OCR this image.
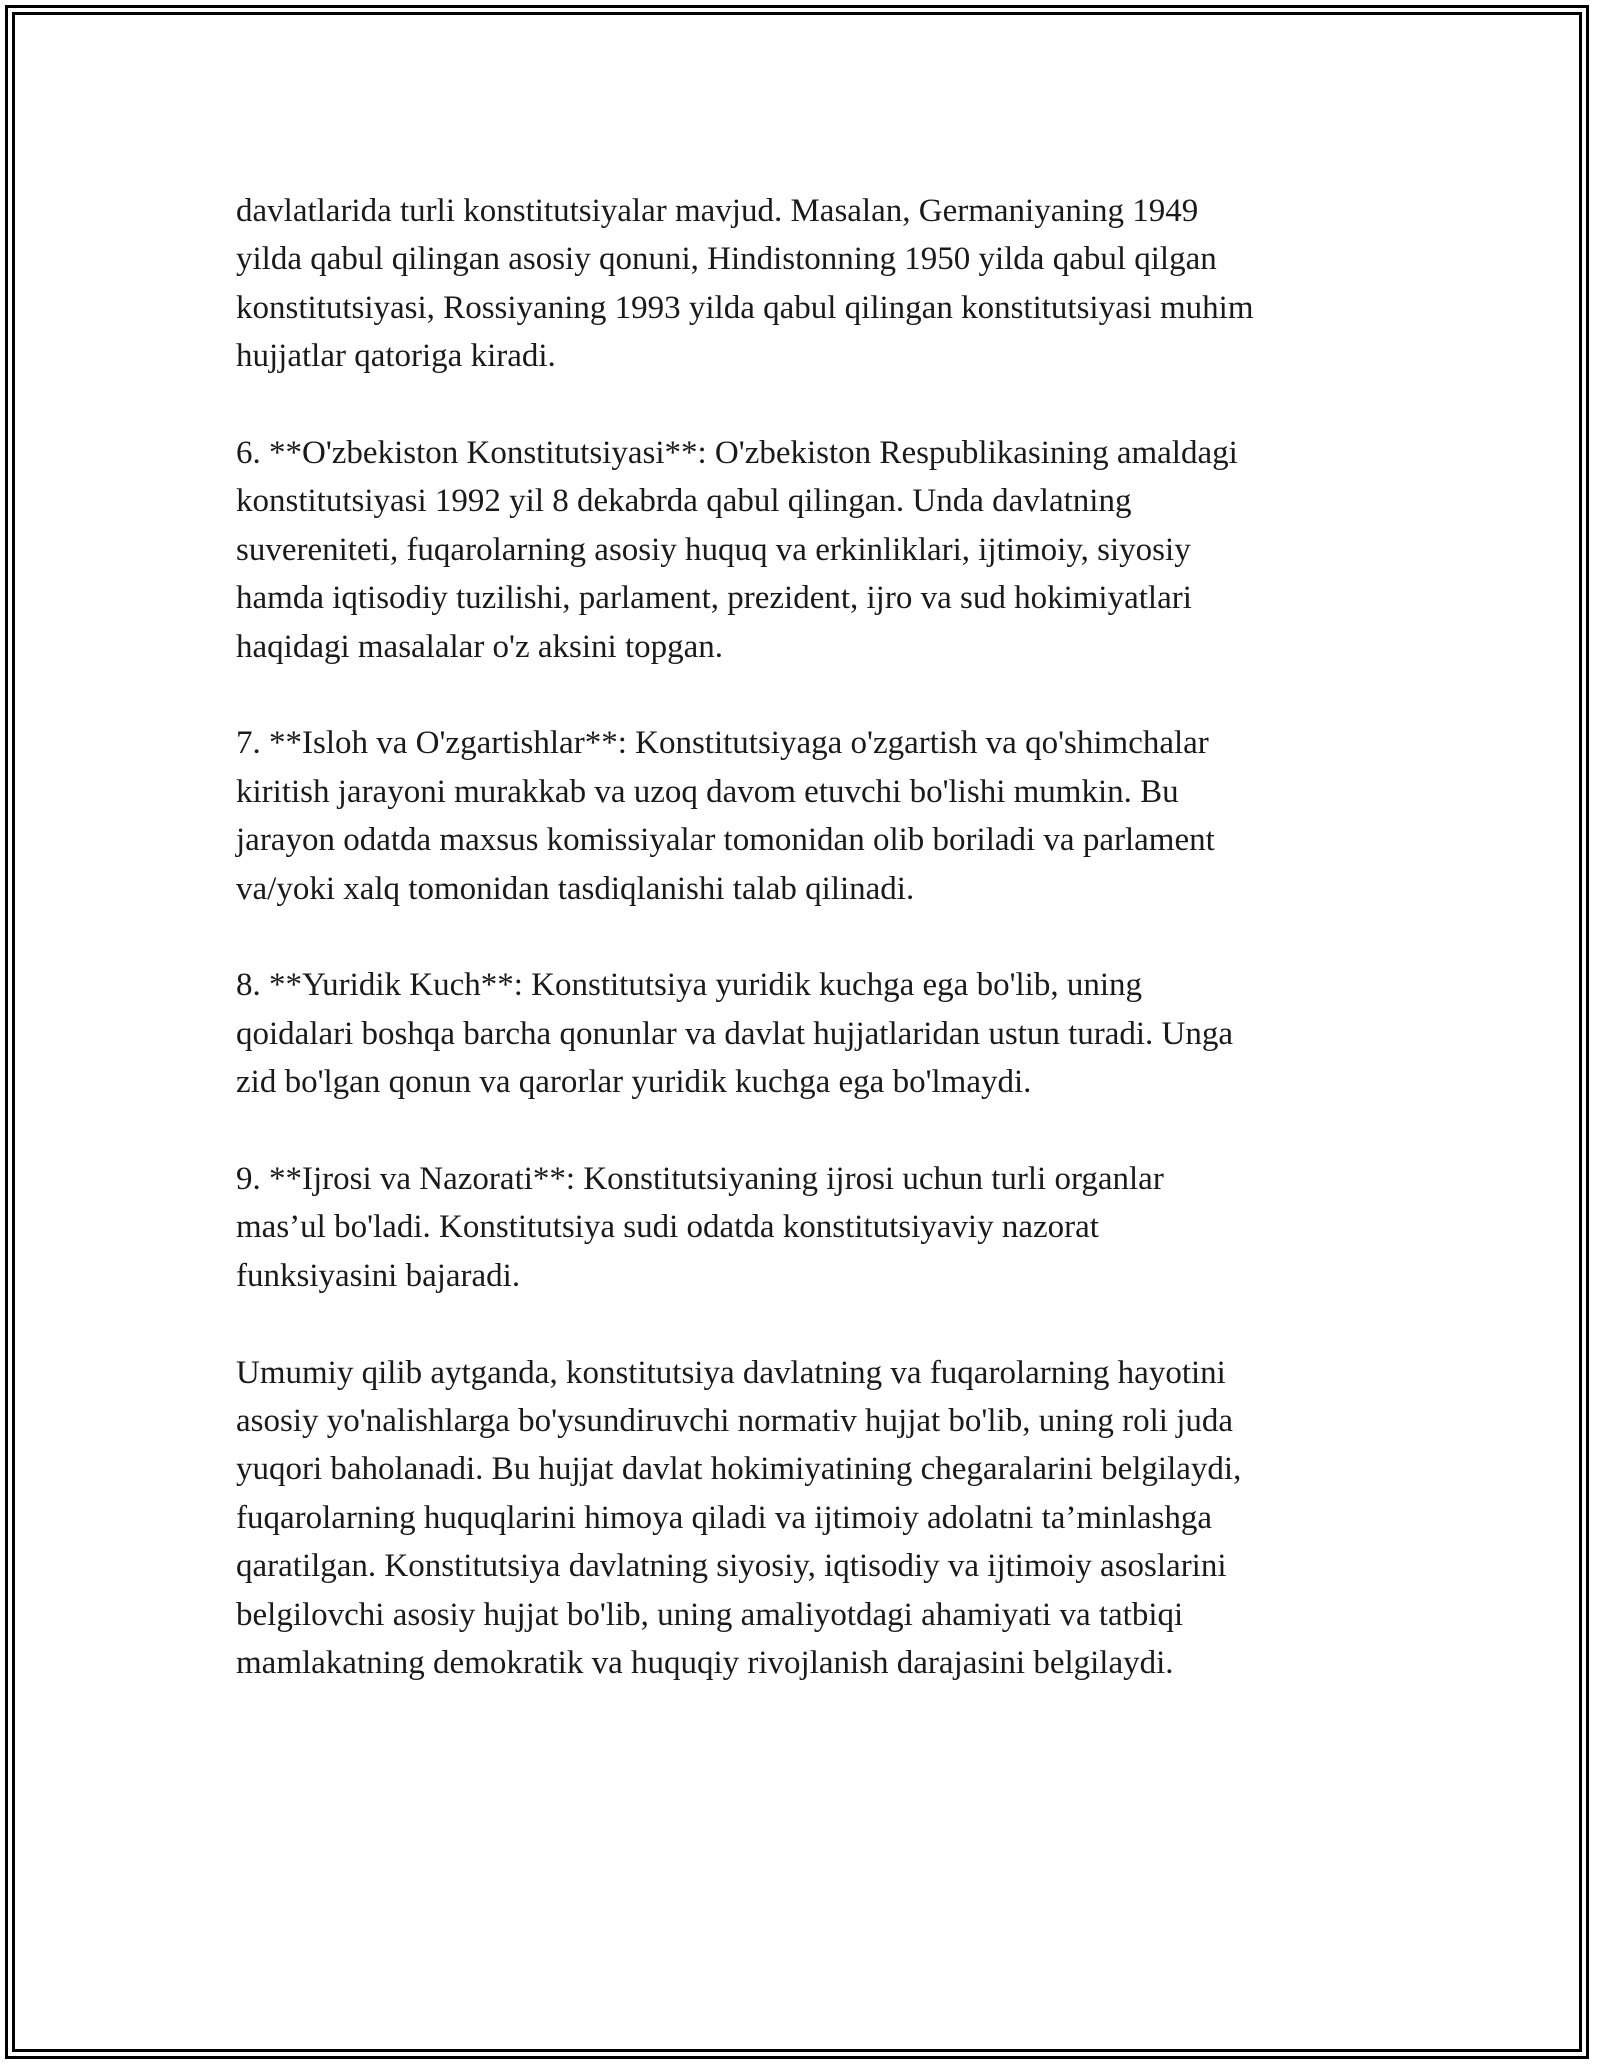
davlatlarida turli konstitutsiyalar mavjud. Masalan, Germaniyaning 1949
yilda qabul qilingan asosiy qonuni, Hindistonning 1950 yilda qabul qilgan
konstitutsiyasi, Rossiyaning 1993 yilda qabul qilingan konstitutsiyasi muhim
hujjatlar qatoriga kiradi.

6. **O'zbekiston Konstitutsiyasi**: O'zbekiston Respublikasining amaldagi
konstitutsiyasi 1992 yil 8 dekabrda qabul qilingan. Unda davlatning
suvereniteti, fuqarolarning asosiy huquq va erkinliklari, ijtimoiy, siyosiy
hamda iqtisodiy tuzilishi, parlament, prezident, ijro va sud hokimiyatlari
haqidagi masalalar o'z aksini topgan.

7. **Isloh va O'zgartishlar**: Konstitutsiyaga o'zgartish va qo'shimchalar
kiritish jarayoni murakkab va uzoq davom etuvchi bo'lishi mumkin. Bu
jarayon odatda maxsus komissiyalar tomonidan olib boriladi va parlament
va/yoki xalq tomonidan tasdiqlanishi talab qilinadi.

8. **Yuridik Kuch**: Konstitutsiya yuridik kuchga ega bo'lib, uning
qoidalari boshqa barcha qonunlar va davlat hujjatlaridan ustun turadi. Unga
zid bo'lgan qonun va qarorlar yuridik kuchga ega bo'lmaydi.

9. **Ijrosi va Nazorati**: Konstitutsiyaning ijrosi uchun turli organlar
mas’ul bo'ladi. Konstitutsiya sudi odatda konstitutsiyaviy nazorat
funksiyasini bajaradi.

Umumiy qilib aytganda, konstitutsiya davlatning va fuqarolarning hayotini
asosiy yo'nalishlarga bo'ysundiruvchi normativ hujjat bo'lib, uning roli juda
yuqori baholanadi. Bu hujjat davlat hokimiyatining chegaralarini belgilaydi,
fuqarolarning huquqlarini himoya qiladi va ijtimoiy adolatni ta’minlashga
qaratilgan. Konstitutsiya davlatning siyosiy, iqtisodiy va ijtimoiy asoslarini
belgilovchi asosiy hujjat bo'lib, uning amaliyotdagi ahamiyati va tatbiqi
mamlakatning demokratik va huquqiy rivojlanish darajasini belgilaydi.
